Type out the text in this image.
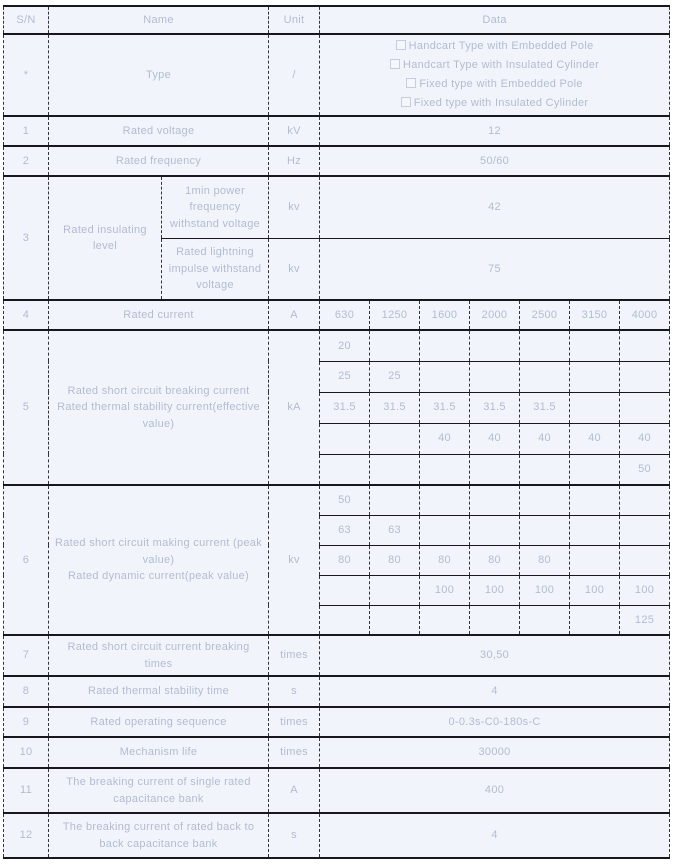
S/N	Name		Unit	Data						
*	Type		/	Handcart Type with Embedded Pole
Handcart Type with Insulated Cylinder
Fixed type with Embedded Pole
Fixed type with Insulated Cylinder						

1	Rated voltage		kV	12						
2	Rated frequency		Hz	50/60						
3	Rated insulating level	1min power frequency withstand voltage	kv	42						
		Rated lightning impulse withstand voltage	kv	75						
4	Rated current		A	630	1250	1600	2000	2500	3150	4000
5	Rated short circuit breaking current
Rated thermal stability current(effective value)		kA	20						
				25	25					
				31.5	31.5	31.5	31.5	31.5		
						40	40	40	40	40
										50
6	Rated short circuit making current (peak value)
Rated dynamic current(peak value)		kv	50						
				63	63					
				80	80	80	80	80		
						100	100	100	100	100
										125
7	Rated short circuit current breaking times		times	30,50						
8	Rated thermal stability time		s	4						
9	Rated operating sequence		times	0-0.3s-C0-180s-C						
10	Mechanism life		times	30000						
11	The breaking current of single rated capacitance bank		A	400						
12	The breaking current of rated back to back capacitance bank		s	4						
